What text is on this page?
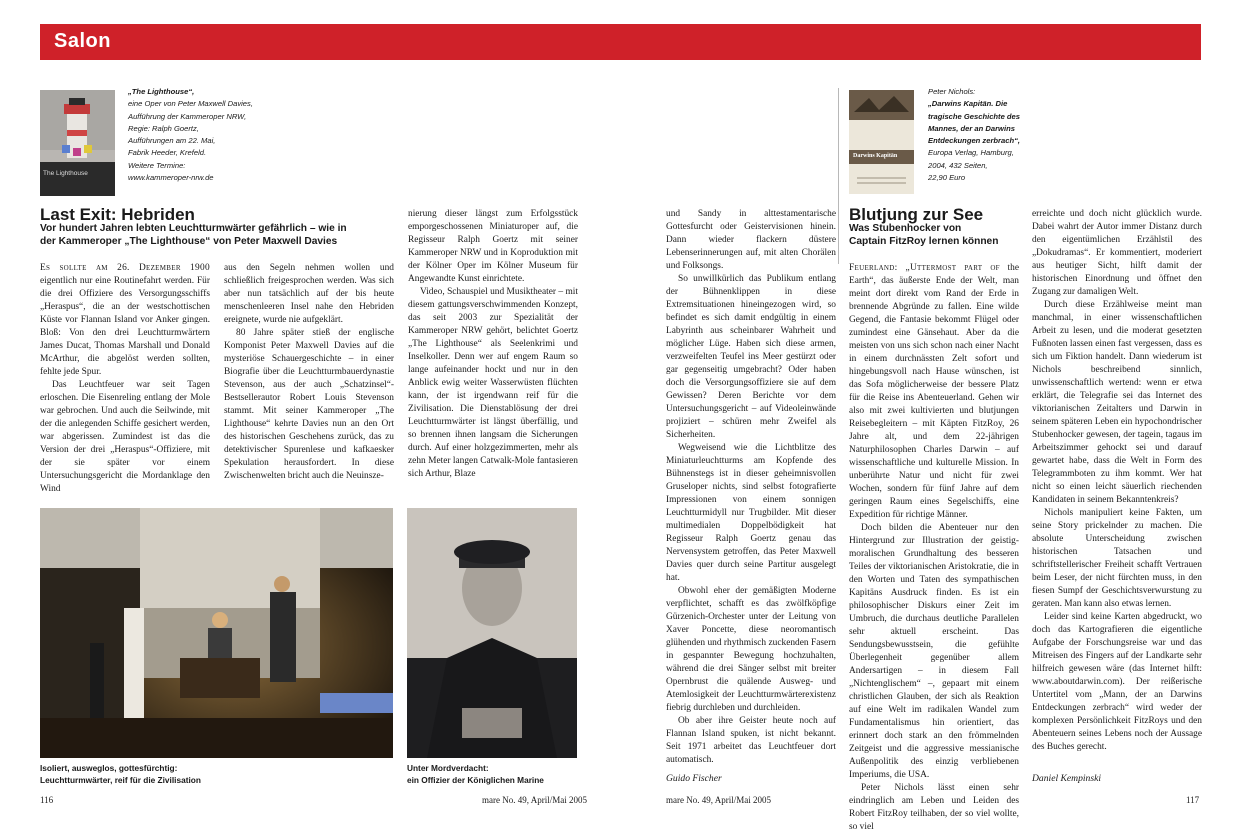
Salon
The Lighthouse
„The Lighthouse“,
eine Oper von Peter Maxwell Davies,
Aufführung der Kammeroper NRW,
Regie: Ralph Goertz,
Aufführungen am 22. Mai,
Fabrik Heeder, Krefeld.
Weitere Termine:
www.kammeroper-nrw.de
Last Exit: Hebriden
Vor hundert Jahren lebten Leuchtturmwärter gefährlich – wie in
der Kammeroper „The Lighthouse“ von Peter Maxwell Davies

Es sollte am 26. Dezember 1900 eigentlich nur eine Routinefahrt werden. Für die drei Offiziere des Versorgungsschiffs „Heraspus“, die an der westschottischen Küste vor Flannan Island vor Anker gingen. Bloß: Von den drei Leuchtturmwärtern James Ducat, Thomas Marshall und Donald McArthur, die abgelöst werden sollten, fehlte jede Spur.

Das Leuchtfeuer war seit Tagen erloschen. Die Eisenreling entlang der Mole war gebrochen. Und auch die Seilwinde, mit der die anlegenden Schiffe gesichert werden, war abgerissen. Zumindest ist das die Version der drei „Heraspus“-Offiziere, mit der sie später vor einem Untersuchungsgericht die Mordanklage den Wind

aus den Segeln nehmen wollen und schließlich freigesprochen werden. Was sich aber nun tatsächlich auf der bis heute menschenleeren Insel nahe den Hebriden ereignete, wurde nie aufgeklärt.

80 Jahre später stieß der englische Komponist Peter Maxwell Davies auf die mysteriöse Schauergeschichte – in einer Biografie über die Leuchtturmbauerdynastie Stevenson, aus der auch „Schatzinsel“-Bestsellerautor Robert Louis Stevenson stammt. Mit seiner Kammeroper „The Lighthouse“ kehrte Davies nun an den Ort des historischen Geschehens zurück, das zu detektivischer Spurenlese und kafkaesker Spekulation herausfordert. In diese Zwischenwelten bricht auch die Neuinsze-

nierung dieser längst zum Erfolgsstück emporgeschossenen Miniaturoper auf, die Regisseur Ralph Goertz mit seiner Kammeroper NRW und in Koproduktion mit der Kölner Oper im Kölner Museum für Angewandte Kunst einrichtete.

Video, Schauspiel und Musiktheater – mit diesem gattungsverschwimmenden Konzept, das seit 2003 zur Spezialität der Kammeroper NRW gehört, belichtet Goertz „The Lighthouse“ als Seelenkrimi und Inselkoller. Denn wer auf engem Raum so lange aufeinander hockt und nur in den Anblick ewig weiter Wasserwüsten flüchten kann, der ist irgendwann reif für die Zivilisation. Die Dienstablösung der drei Leuchtturmwärter ist längst überfällig, und so brennen ihnen langsam die Sicherungen durch. Auf einer holzgezimmerten, mehr als zehn Meter langen Catwalk-Mole fantasieren sich Arthur, Blaze

Isoliert, ausweglos, gottesfürchtig:
Leuchtturmwärter, reif für die Zivilisation
Unter Mordverdacht:
ein Offizier der Königlichen Marine
116	mare No. 49, April/Mai 2005

und Sandy in alttestamentarische Gottesfurcht oder Geistervisionen hinein. Dann wieder flackern düstere Lebenserinnerungen auf, mit alten Chorälen und Folksongs.

So unwillkürlich das Publikum entlang der Bühnenklippen in diese Extremsituationen hineingezogen wird, so befindet es sich damit endgültig in einem Labyrinth aus scheinbarer Wahrheit und möglicher Lüge. Haben sich diese armen, verzweifelten Teufel ins Meer gestürzt oder gar gegenseitig umgebracht? Oder haben doch die Versorgungsoffiziere sie auf dem Gewissen? Deren Berichte vor dem Untersuchungsgericht – auf Videoleinwände projiziert – schüren mehr Zweifel als Sicherheiten.

Wegweisend wie die Lichtblitze des Miniaturleuchtturms am Kopfende des Bühnenstegs ist in dieser geheimnisvollen Gruseloper nichts, sind selbst fotografierte Impressionen von einem sonnigen Leuchtturmidyll nur Trugbilder. Mit dieser multimedialen Doppelbödigkeit hat Regisseur Ralph Goertz genau das Nervensystem getroffen, das Peter Maxwell Davies quer durch seine Partitur ausgelegt hat.

Obwohl eher der gemäßigten Moderne verpflichtet, schafft es das zwölfköpfige Gürzenich-Orchester unter der Leitung von Xaver Poncette, diese neoromantisch glühenden und rhythmisch zuckenden Fasern in gespannter Bewegung hochzuhalten, während die drei Sänger selbst mit breiter Opernbrust die quälende Ausweg- und Atemlosigkeit der Leuchtturmwärterexistenz fiebrig durchleben und durchleiden.

Ob aber ihre Geister heute noch auf Flannan Island spuken, ist nicht bekannt. Seit 1971 arbeitet das Leuchtfeuer dort automatisch.

Guido Fischer
Darwins Kapitän
Peter Nichols:
„Darwins Kapitän. Die tragische Geschichte des Mannes, der an Darwins Entdeckungen zerbrach“,
Europa Verlag, Hamburg,
2004, 432 Seiten,
22,90 Euro
Blutjung zur See
Was Stubenhocker von
Captain FitzRoy lernen können

Feuerland: „Uttermost part of the Earth“, das äußerste Ende der Welt, man meint dort direkt vom Rand der Erde in brennende Abgründe zu fallen. Eine wilde Gegend, die Fantasie bekommt Flügel oder zumindest eine Gänsehaut. Aber da die meisten von uns sich schon nach einer Nacht in einem durchnässten Zelt sofort und hingebungsvoll nach Hause wünschen, ist das Sofa möglicherweise der bessere Platz für die Reise ins Abenteuerland. Gehen wir also mit zwei kultivierten und blutjungen Reisebegleitern – mit Käpten FitzRoy, 26 Jahre alt, und dem 22-jährigen Naturphilosophen Charles Darwin – auf wissenschaftliche und kulturelle Mission. In unberührte Natur und nicht für zwei Wochen, sondern für fünf Jahre auf dem geringen Raum eines Segelschiffs, eine Expedition für richtige Männer.

Doch bilden die Abenteuer nur den Hintergrund zur Illustration der geistig-moralischen Grundhaltung des besseren Teiles der viktorianischen Aristokratie, die in den Worten und Taten des sympathischen Kapitäns Ausdruck finden. Es ist ein philosophischer Diskurs einer Zeit im Umbruch, die durchaus deutliche Parallelen sehr aktuell erscheint. Das Sendungsbewusstsein, die gefühlte Überlegenheit gegenüber allem Andersartigen – in diesem Fall „Nichtenglischem“ –, gepaart mit einem christlichen Glauben, der sich als Reaktion auf eine Welt im radikalen Wandel zum Fundamentalismus hin orientiert, das erinnert doch stark an den frömmelnden Zeitgeist und die aggressive messianische Außenpolitik des einzig verbliebenen Imperiums, die USA.

Peter Nichols lässt einen sehr eindringlich am Leben und Leiden des Robert FitzRoy teilhaben, der so viel wollte, so viel

erreichte und doch nicht glücklich wurde. Dabei wahrt der Autor immer Distanz durch den eigentümlichen Erzählstil des „Dokudramas“. Er kommentiert, moderiert aus heutiger Sicht, hilft damit der historischen Einordnung und öffnet den Zugang zur damaligen Welt.

Durch diese Erzählweise meint man manchmal, in einer wissenschaftlichen Arbeit zu lesen, und die moderat gesetzten Fußnoten lassen einen fast vergessen, dass es sich um Fiktion handelt. Dann wiederum ist Nichols beschreibend sinnlich, unwissenschaftlich wertend: wenn er etwa erklärt, die Telegrafie sei das Internet des viktorianischen Zeitalters und Darwin in seinem späteren Leben ein hypochondrischer Stubenhocker gewesen, der tagein, tagaus im Arbeitszimmer gehockt sei und darauf gewartet habe, dass die Welt in Form des Telegrammboten zu ihm kommt. Wer hat nicht so einen leicht säuerlich riechenden Kandidaten in seinem Bekanntenkreis?

Nichols manipuliert keine Fakten, um seine Story prickelnder zu machen. Die absolute Unterscheidung zwischen historischen Tatsachen und schriftstellerischer Freiheit schafft Vertrauen beim Leser, der nicht fürchten muss, in den fiesen Sumpf der Geschichtsverwurstung zu geraten. Man kann also etwas lernen.

Leider sind keine Karten abgedruckt, wo doch das Kartografieren die eigentliche Aufgabe der Forschungsreise war und das Mitreisen des Fingers auf der Landkarte sehr hilfreich gewesen wäre (das Internet hilft: www.aboutdarwin.com). Der reißerische Untertitel vom „Mann, der an Darwins Entdeckungen zerbrach“ wird weder der komplexen Persönlichkeit FitzRoys und den Abenteuern seines Lebens noch der Aussage des Buches gerecht.

Daniel Kempinski
mare No. 49, April/Mai 2005	117
